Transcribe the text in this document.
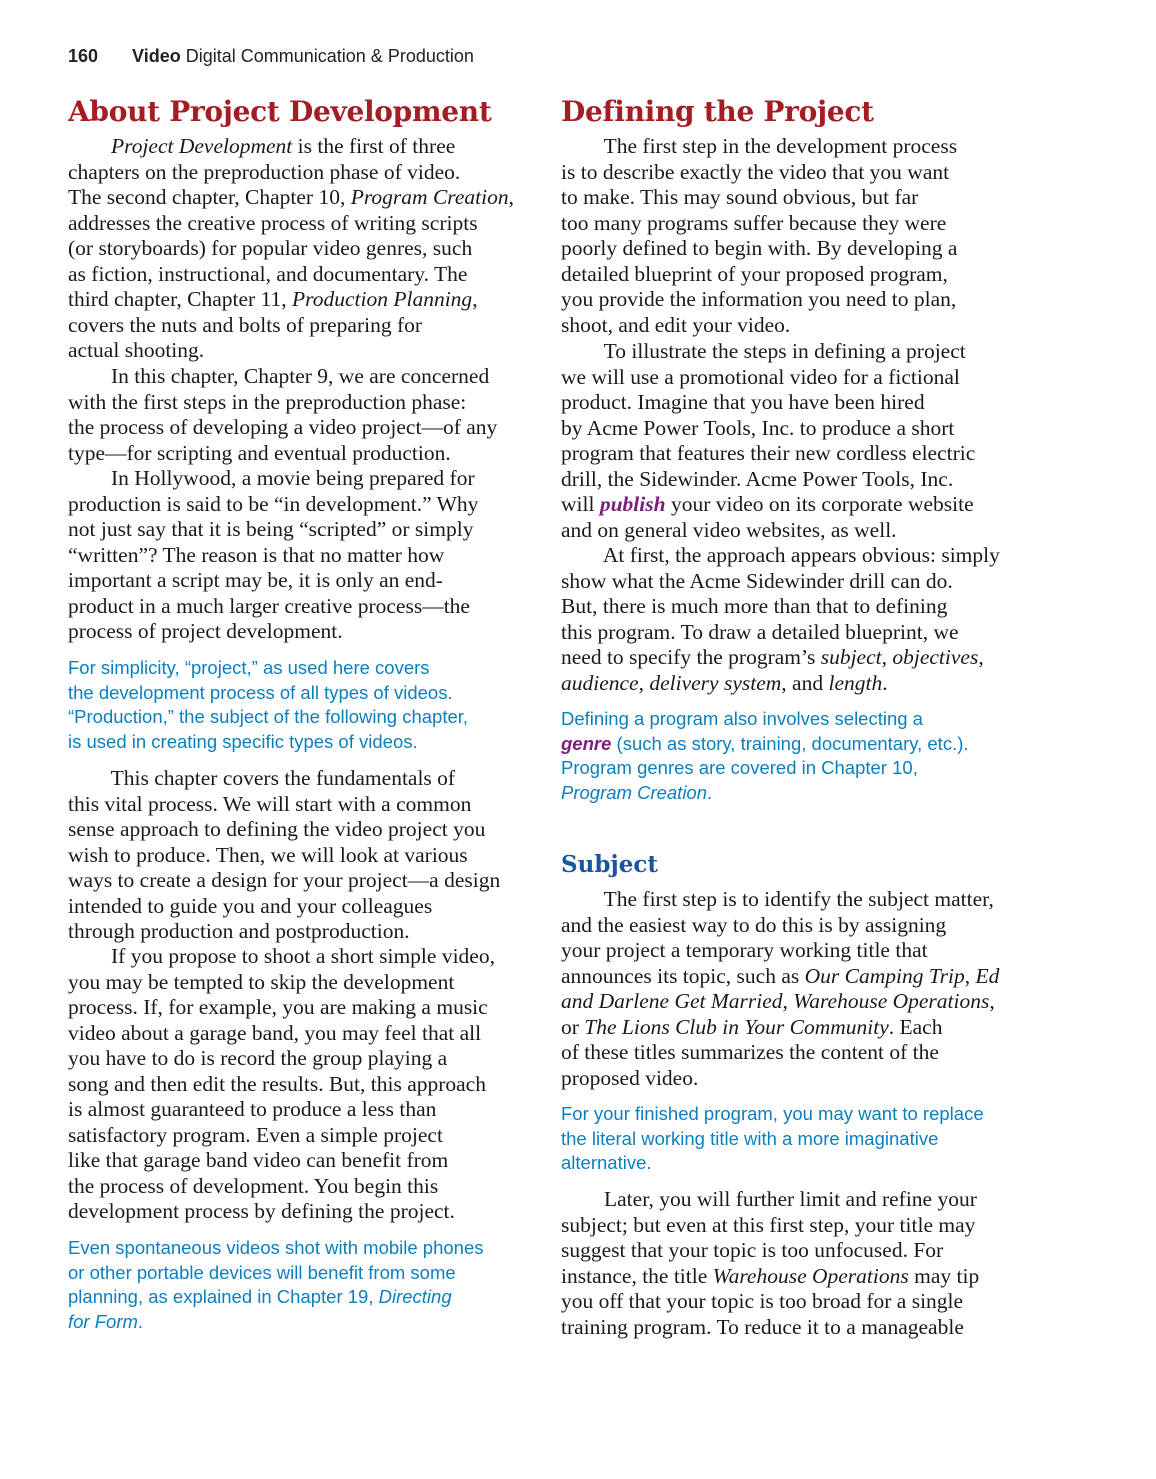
160 Video Digital Communication & Production
About Project Development
Project Development is the first of three
chapters on the preproduction phase of video.
The second chapter, Chapter 10, Program Creation,
addresses the creative process of writing scripts
(or storyboards) for popular video genres, such
as fiction, instructional, and documentary. The
third chapter, Chapter 11, Production Planning,
covers the nuts and bolts of preparing for
actual shooting.
In this chapter, Chapter 9, we are concerned
with the first steps in the preproduction phase:
the process of developing a video project—of any
type—for scripting and eventual production.
In Hollywood, a movie being prepared for
production is said to be “in development.” Why
not just say that it is being “scripted” or simply
“written”? The reason is that no matter how
important a script may be, it is only an end-
product in a much larger creative process—the
process of project development.
For simplicity, “project,” as used here covers
the development process of all types of videos.
“Production,” the subject of the following chapter,
is used in creating specific types of videos.
This chapter covers the fundamentals of
this vital process. We will start with a common
sense approach to defining the video project you
wish to produce. Then, we will look at various
ways to create a design for your project—a design
intended to guide you and your colleagues
through production and postproduction.
If you propose to shoot a short simple video,
you may be tempted to skip the development
process. If, for example, you are making a music
video about a garage band, you may feel that all
you have to do is record the group playing a
song and then edit the results. But, this approach
is almost guaranteed to produce a less than
satisfactory program. Even a simple project
like that garage band video can benefit from
the process of development. You begin this
development process by defining the project.
Even spontaneous videos shot with mobile phones
or other portable devices will benefit from some
planning, as explained in Chapter 19, Directing
for Form.
Defining the Project
The first step in the development process
is to describe exactly the video that you want
to make. This may sound obvious, but far
too many programs suffer because they were
poorly defined to begin with. By developing a
detailed blueprint of your proposed program,
you provide the information you need to plan,
shoot, and edit your video.
To illustrate the steps in defining a project
we will use a promotional video for a fictional
product. Imagine that you have been hired
by Acme Power Tools, Inc. to produce a short
program that features their new cordless electric
drill, the Sidewinder. Acme Power Tools, Inc.
will publish your video on its corporate website
and on general video websites, as well.
At first, the approach appears obvious: simply
show what the Acme Sidewinder drill can do.
But, there is much more than that to defining
this program. To draw a detailed blueprint, we
need to specify the program’s subject, objectives,
audience, delivery system, and length.
Defining a program also involves selecting a
genre (such as story, training, documentary, etc.).
Program genres are covered in Chapter 10,
Program Creation.
Subject
The first step is to identify the subject matter,
and the easiest way to do this is by assigning
your project a temporary working title that
announces its topic, such as Our Camping Trip, Ed
and Darlene Get Married, Warehouse Operations,
or The Lions Club in Your Community. Each
of these titles summarizes the content of the
proposed video.
For your finished program, you may want to replace
the literal working title with a more imaginative
alternative.
Later, you will further limit and refine your
subject; but even at this first step, your title may
suggest that your topic is too unfocused. For
instance, the title Warehouse Operations may tip
you off that your topic is too broad for a single
training program. To reduce it to a manageable
